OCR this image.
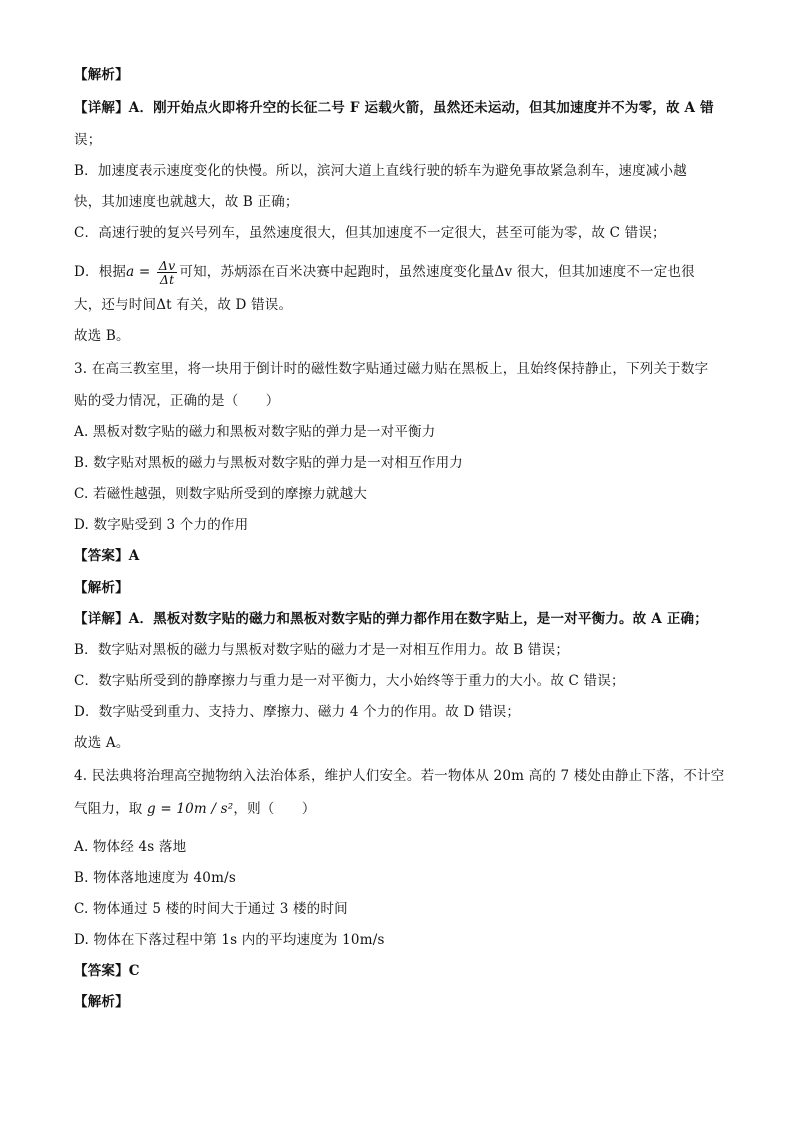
【解析】
【详解】A．刚开始点火即将升空的长征二号 F 运载火箭，虽然还未运动，但其加速度并不为零，故 A 错
误；
B．加速度表示速度变化的快慢。所以，滨河大道上直线行驶的轿车为避免事故紧急刹车，速度减小越
快，其加速度也就越大，故 B 正确；
C．高速行驶的复兴号列车，虽然速度很大，但其加速度不一定很大，甚至可能为零，故 C 错误；
大，还与时间Δt 有关，故 D 错误。
故选 B。
3. 在高三教室里，将一块用于倒计时的磁性数字贴通过磁力贴在黑板上，且始终保持静止，下列关于数字
贴的受力情况，正确的是（　　）
A. 黑板对数字贴的磁力和黑板对数字贴的弹力是一对平衡力
B. 数字贴对黑板的磁力与黑板对数字贴的弹力是一对相互作用力
C. 若磁性越强，则数字贴所受到的摩擦力就越大
D. 数字贴受到 3 个力的作用
【答案】A
【解析】
【详解】A．黑板对数字贴的磁力和黑板对数字贴的弹力都作用在数字贴上，是一对平衡力。故 A 正确；
B．数字贴对黑板的磁力与黑板对数字贴的磁力才是一对相互作用力。故 B 错误；
C．数字贴所受到的静摩擦力与重力是一对平衡力，大小始终等于重力的大小。故 C 错误；
D．数字贴受到重力、支持力、摩擦力、磁力 4 个力的作用。故 D 错误；
故选 A。
4. 民法典将治理高空抛物纳入法治体系，维护人们安全。若一物体从 20m 高的 7 楼处由静止下落，不计空
A. 物体经 4s 落地
B. 物体落地速度为 40m/s
C. 物体通过 5 楼的时间大于通过 3 楼的时间
D. 物体在下落过程中第 1s 内的平均速度为 10m/s
【答案】C
【解析】
D．根据$a = \frac{\Delta v}{\Delta t}$ 可知，苏炳添在百米决赛中起跑时，虽然速度变化量Δv 很大，但其加速度不一定也很
气阻力，取 g = 10m / s²，则（　　）
